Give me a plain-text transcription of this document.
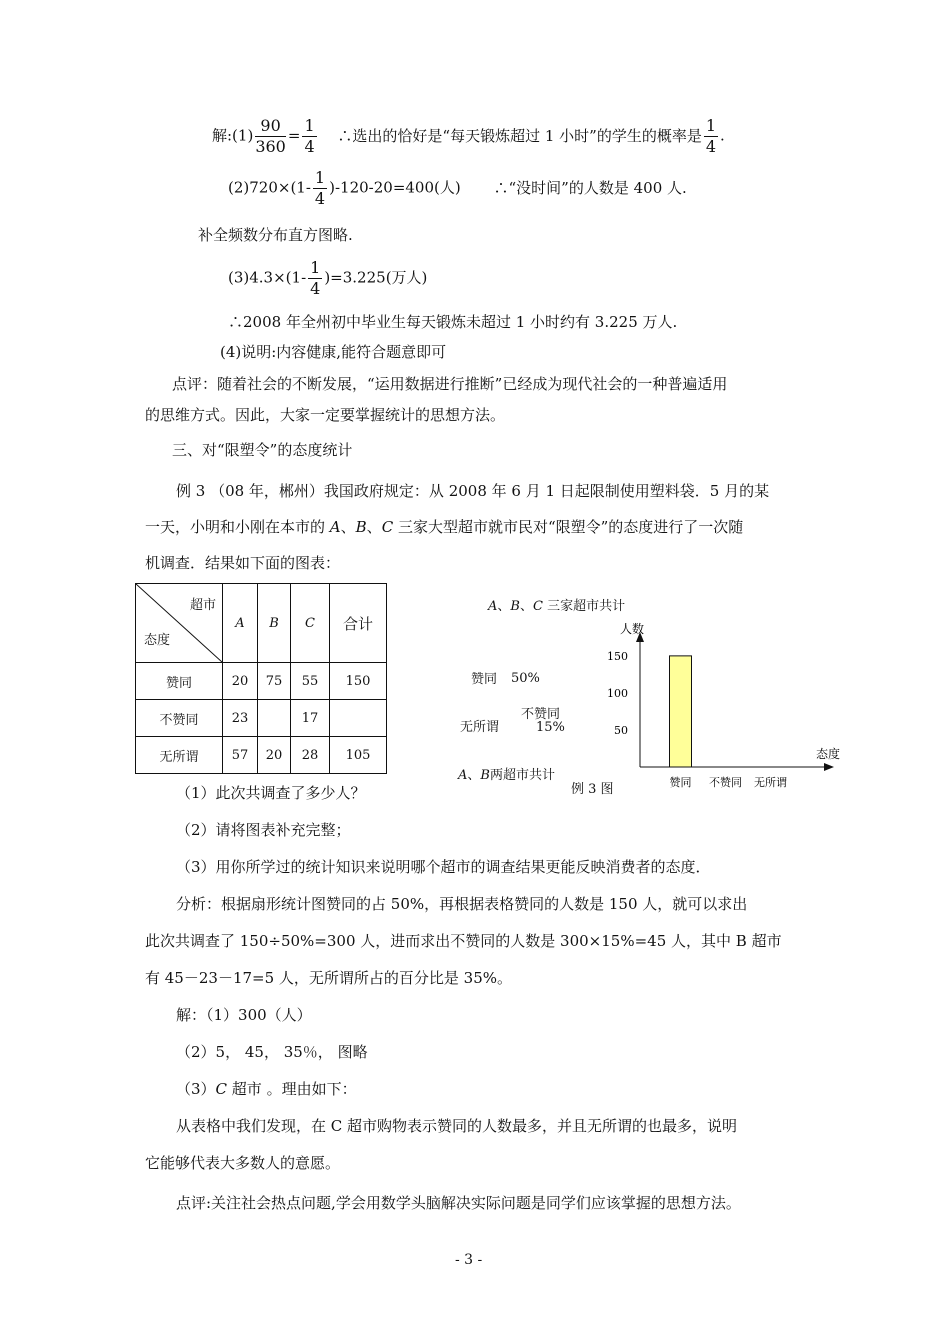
解:(1) $\frac{90}{360} = \frac{1}{4}$ ∴选出的恰好是“每天锻炼超过 1 小时”的学生的概率是 $\frac{1}{4}$ .
$(2)720\times(1- \frac{1}{4} )-120-20=400$(人) ∴“没时间”的人数是 400 人.
补全频数分布直方图略.
$(3)4.3\times(1- \frac{1}{4} )=3.225$(万人)
∴2008 年全州初中毕业生每天锻炼未超过 1 小时约有 3.225 万人.
(4)说明:内容健康,能符合题意即可
点评：随着社会的不断发展，“运用数据进行推断”已经成为现代社会的一种普遍适用
的思维方式。因此，大家一定要掌握统计的思想方法。
三、对“限塑令”的态度统计
例 3 （08 年，郴州）我国政府规定：从 2008 年 6 月 1 日起限制使用塑料袋．5 月的某
一天，小明和小刚在本市的 A、B、C 三家大型超市就市民对“限塑令”的态度进行了一次随
机调查．结果如下面的图表：
超市
态度	A	B	C	合计
赞同	20	75	55	150
不赞同	23		17	
无所谓	57	20	28	105
A、B、C 三家超市共计
赞同 50%
不赞同
15%
无所谓
A、B两超市共计
例 3 图
人数
态度
50
100
150
赞同 不赞同 无所谓
（1）此次共调查了多少人？
（2）请将图表补充完整；
（3）用你所学过的统计知识来说明哪个超市的调查结果更能反映消费者的态度．
分析：根据扇形统计图赞同的占 50%，再根据表格赞同的人数是 150 人，就可以求出
此次共调查了 150÷50%=300 人，进而求出不赞同的人数是 300×15%=45 人，其中 B 超市
有 45－23－17=5 人，无所谓所占的百分比是 35%。
解：（1）300（人）
（2）5， 45， 35％， 图略
（3）C 超市 。理由如下：
从表格中我们发现，在 C 超市购物表示赞同的人数最多，并且无所谓的也最多，说明
它能够代表大多数人的意愿。
点评:关注社会热点问题,学会用数学头脑解决实际问题是同学们应该掌握的思想方法。
- 3 -
